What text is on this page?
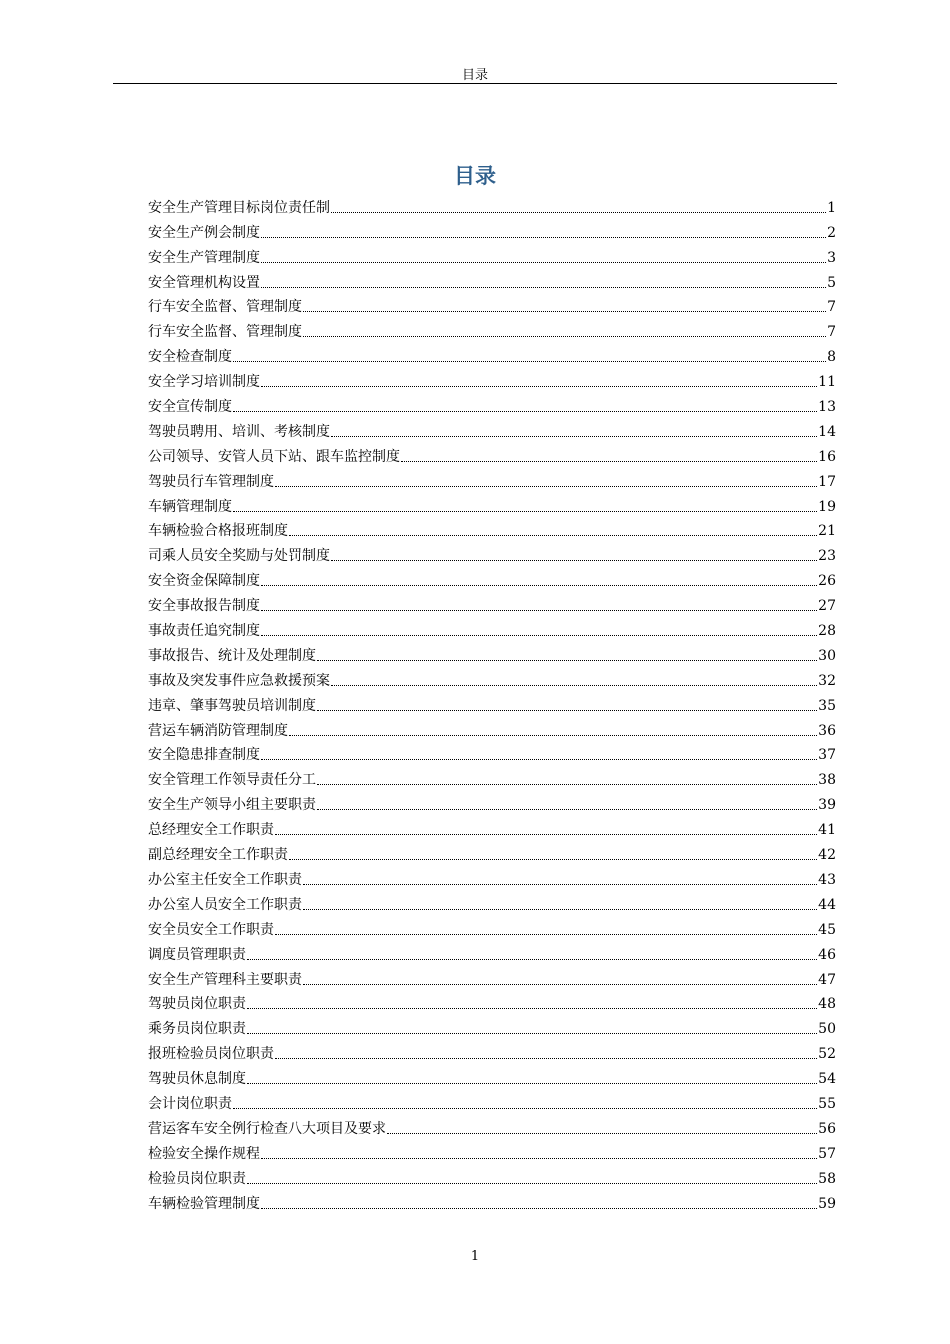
目录
目录
安全生产管理目标岗位责任制	1
安全生产例会制度	2
安全生产管理制度	3
安全管理机构设置	5
行车安全监督、管理制度	7
行车安全监督、管理制度	7
安全检查制度	8
安全学习培训制度	11
安全宣传制度	13
驾驶员聘用、培训、考核制度	14
公司领导、安管人员下站、跟车监控制度	16
驾驶员行车管理制度	17
车辆管理制度	19
车辆检验合格报班制度	21
司乘人员安全奖励与处罚制度	23
安全资金保障制度	26
安全事故报告制度	27
事故责任追究制度	28
事故报告、统计及处理制度	30
事故及突发事件应急救援预案	32
违章、肇事驾驶员培训制度	35
营运车辆消防管理制度	36
安全隐患排查制度	37
安全管理工作领导责任分工	38
安全生产领导小组主要职责	39
总经理安全工作职责	41
副总经理安全工作职责	42
办公室主任安全工作职责	43
办公室人员安全工作职责	44
安全员安全工作职责	45
调度员管理职责	46
安全生产管理科主要职责	47
驾驶员岗位职责	48
乘务员岗位职责	50
报班检验员岗位职责	52
驾驶员休息制度	54
会计岗位职责	55
营运客车安全例行检查八大项目及要求	56
检验安全操作规程	57
检验员岗位职责	58
车辆检验管理制度	59
1
